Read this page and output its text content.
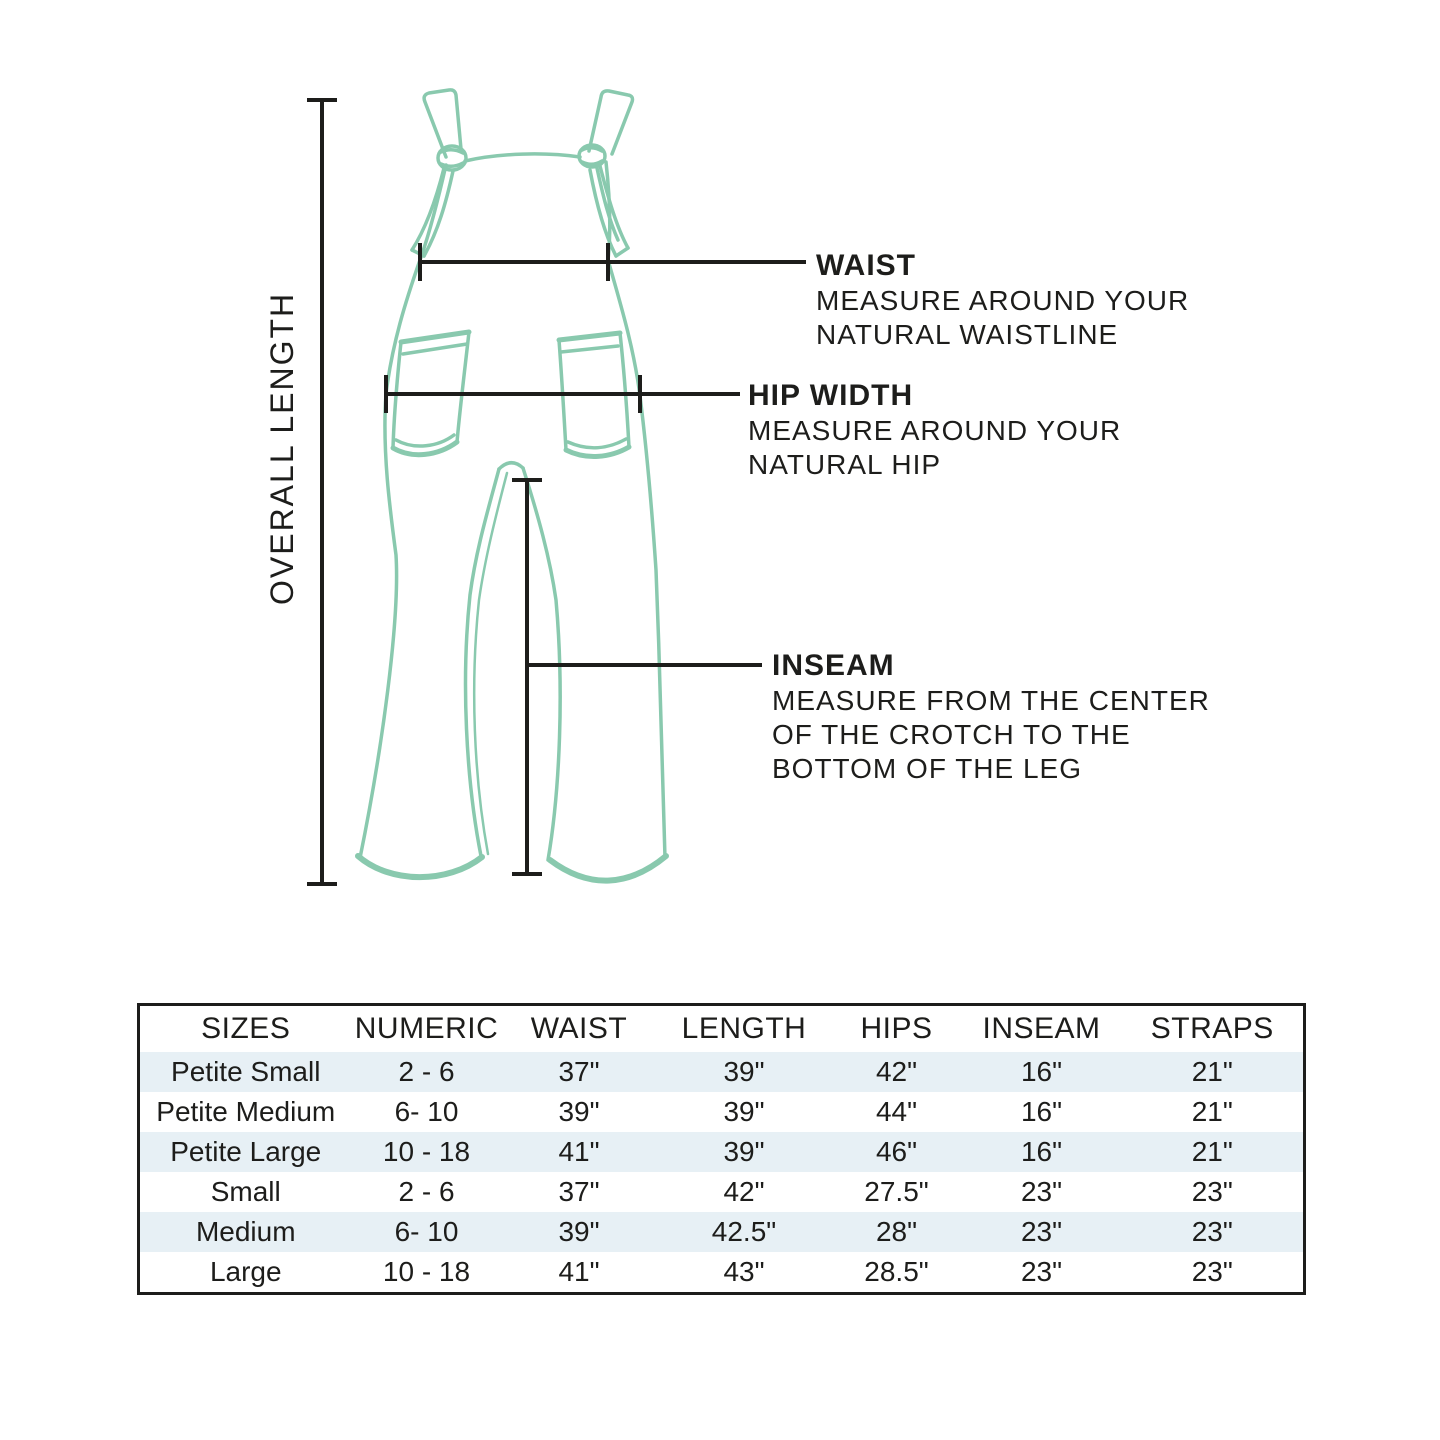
OVERALL LENGTH
WAIST
MEASURE AROUND YOUR
NATURAL WAISTLINE
HIP WIDTH
MEASURE AROUND YOUR
NATURAL HIP
INSEAM
MEASURE FROM THE CENTER
OF THE CROTCH TO THE
BOTTOM OF THE LEG
SIZES	NUMERIC	WAIST	LENGTH	HIPS	INSEAM	STRAPS
Petite Small	2 - 6	37"	39"	42"	16"	21"
Petite Medium	6- 10	39"	39"	44"	16"	21"
Petite Large	10 - 18	41"	39"	46"	16"	21"
Small	2 - 6	37"	42"	27.5"	23"	23"
Medium	6- 10	39"	42.5"	28"	23"	23"
Large	10 - 18	41"	43"	28.5"	23"	23"
